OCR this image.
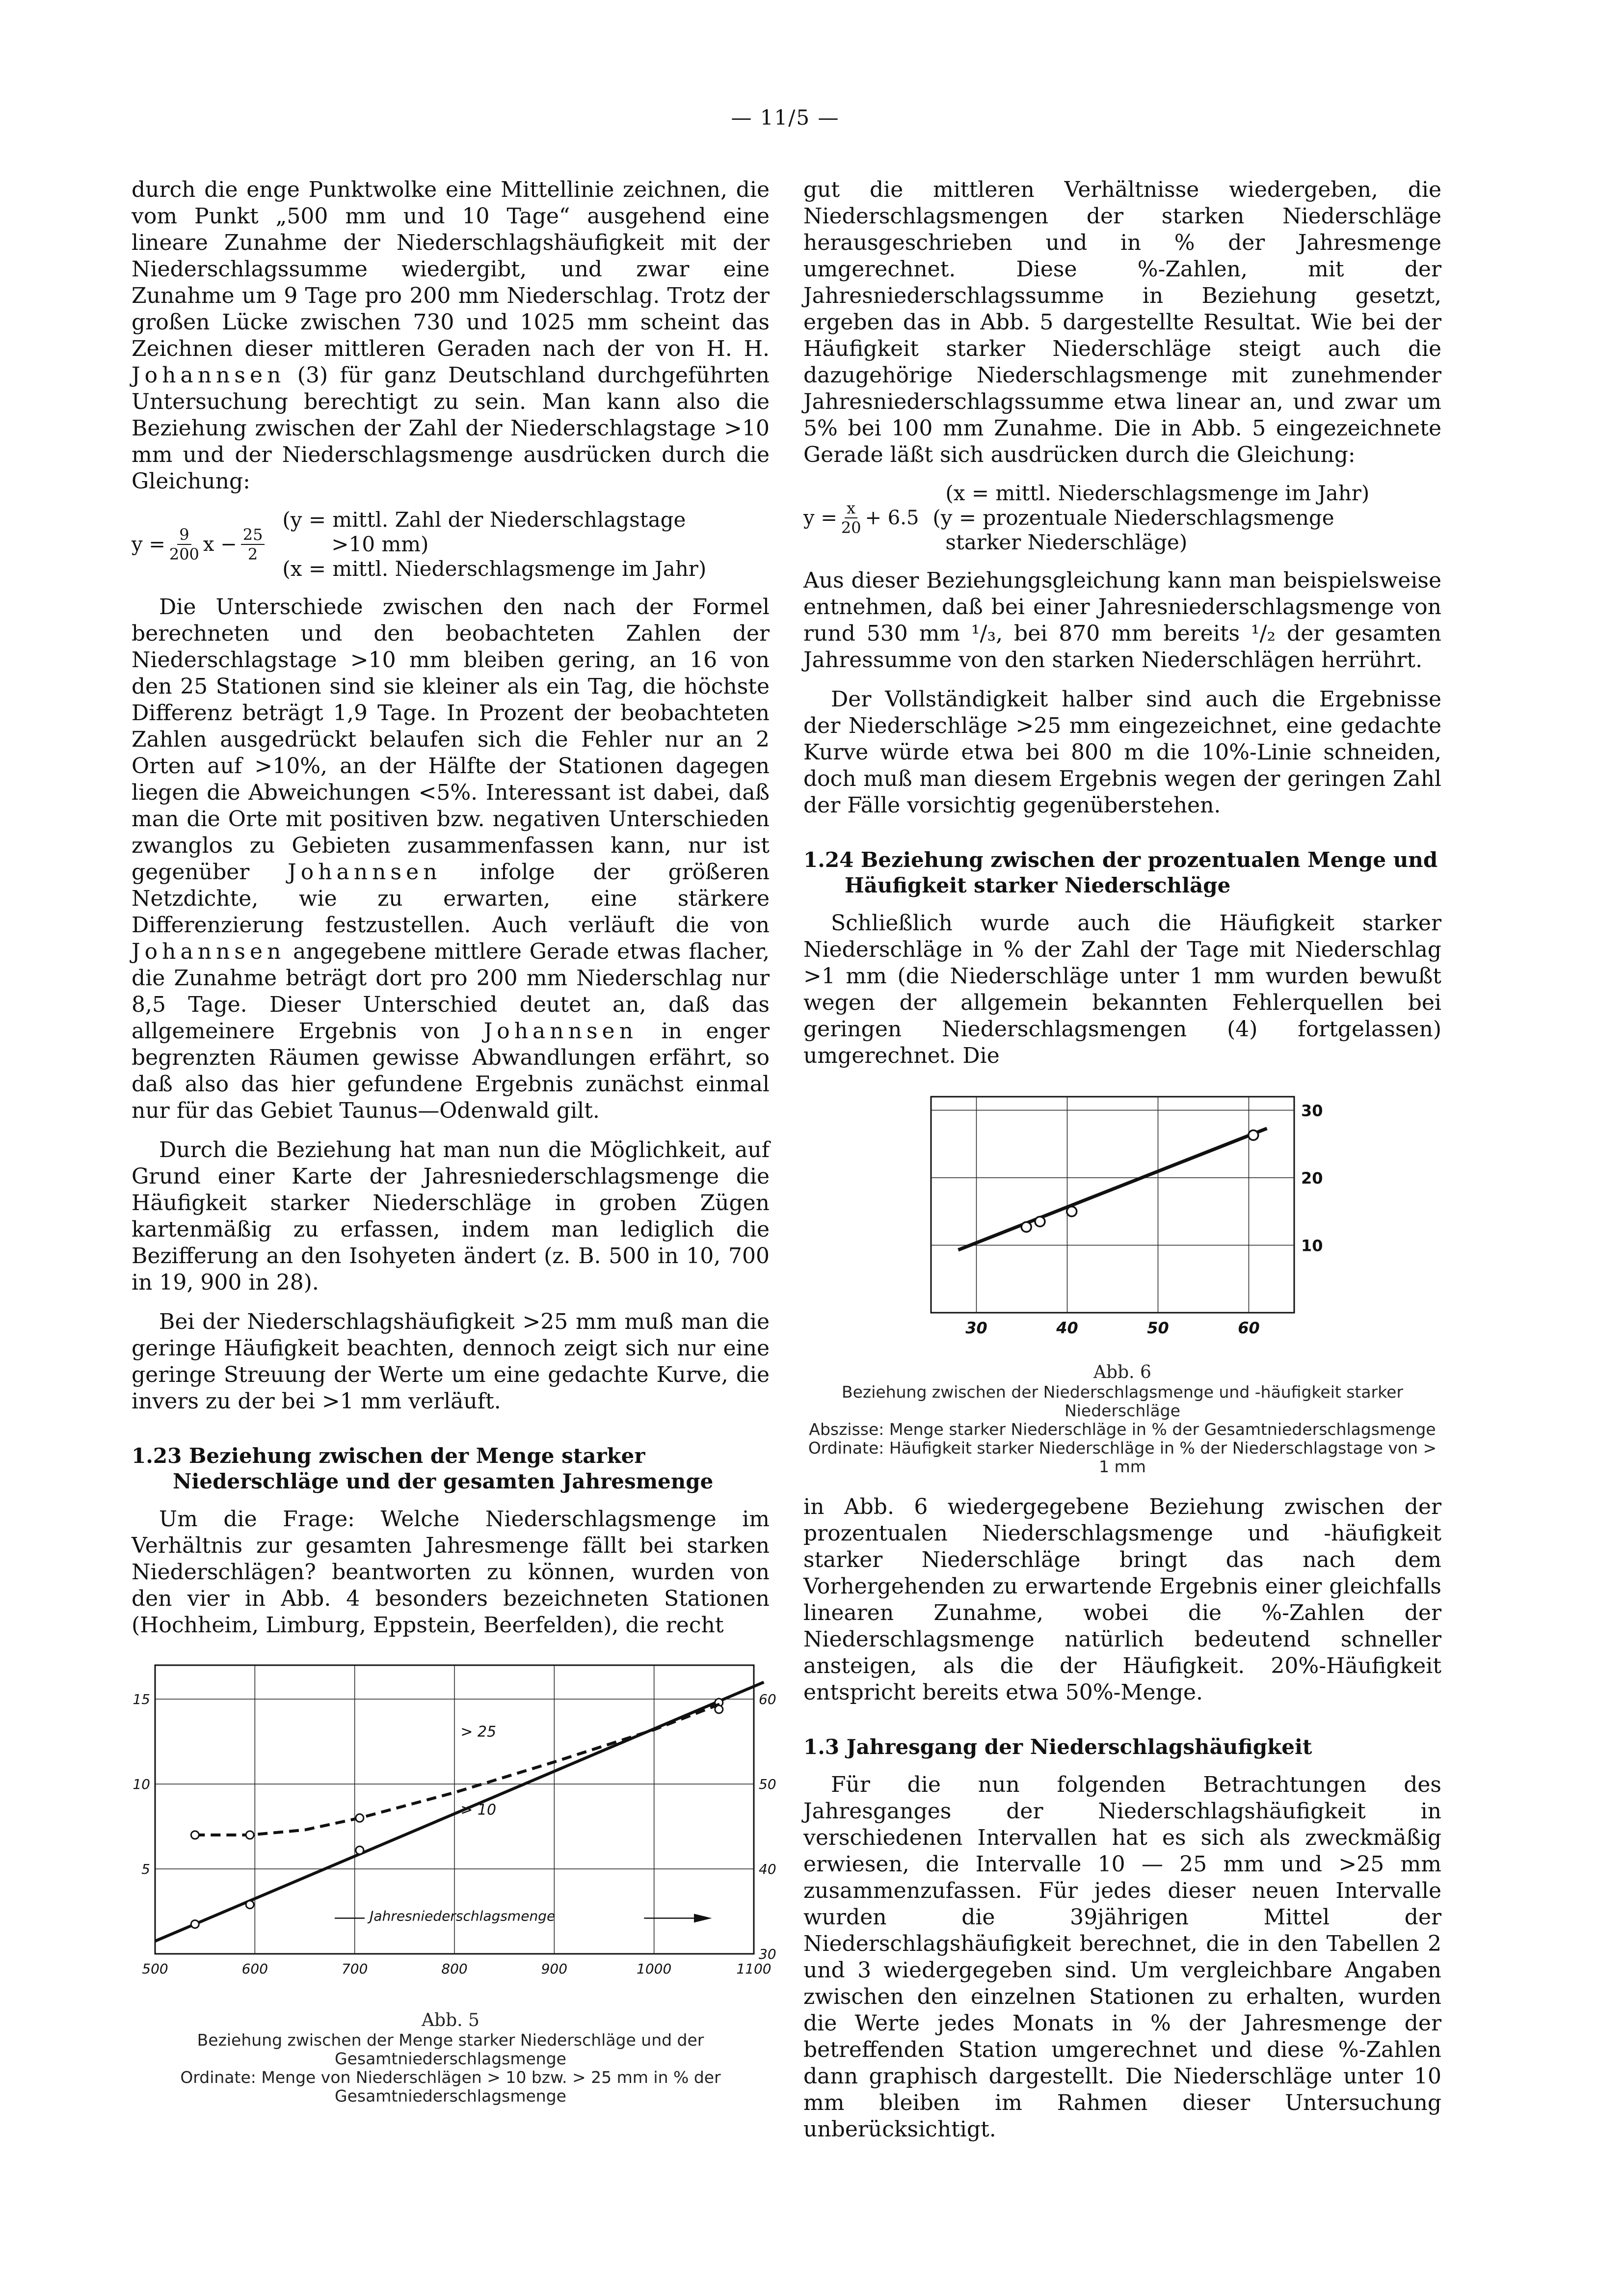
— 11/5 —

durch die enge Punktwolke eine Mittellinie zeichnen, die vom Punkt „500 mm und 10 Tage“ ausgehend eine lineare Zunahme der Niederschlagshäufigkeit mit der Niederschlagssumme wiedergibt, und zwar eine Zunahme um 9 Tage pro 200 mm Niederschlag. Trotz der großen Lücke zwischen 730 und 1025 mm scheint das Zeichnen dieser mittleren Geraden nach der von H. H. Johannsen (3) für ganz Deutschland durchgeführten Untersuchung berechtigt zu sein. Man kann also die Beziehung zwischen der Zahl der Niederschlagstage >10 mm und der Niederschlagsmenge ausdrücken durch die Gleichung:

$y = \frac{9}{200}$ $x - \frac{25}{2}$
(y = mittl. Zahl der Niederschlagstage
>10 mm)
(x = mittl. Niederschlagsmenge im Jahr)

Die Unterschiede zwischen den nach der Formel berechneten und den beobachteten Zahlen der Niederschlagstage >10 mm bleiben gering, an 16 von den 25 Stationen sind sie kleiner als ein Tag, die höchste Differenz beträgt 1,9 Tage. In Prozent der beobachteten Zahlen ausgedrückt belaufen sich die Fehler nur an 2 Orten auf >10%, an der Hälfte der Stationen dagegen liegen die Abweichungen <5%. Interessant ist dabei, daß man die Orte mit positiven bzw. negativen Unterschieden zwanglos zu Gebieten zusammenfassen kann, nur ist gegenüber Johannsen infolge der größeren Netzdichte, wie zu erwarten, eine stärkere Differenzierung festzustellen. Auch verläuft die von Johannsen angegebene mittlere Gerade etwas flacher, die Zunahme beträgt dort pro 200 mm Niederschlag nur 8,5 Tage. Dieser Unterschied deutet an, daß das allgemeinere Ergebnis von Johannsen in enger begrenzten Räumen gewisse Abwandlungen erfährt, so daß also das hier gefundene Ergebnis zunächst einmal nur für das Gebiet Taunus—Odenwald gilt.

Durch die Beziehung hat man nun die Möglichkeit, auf Grund einer Karte der Jahresniederschlagsmenge die Häufigkeit starker Niederschläge in groben Zügen kartenmäßig zu erfassen, indem man lediglich die Bezifferung an den Isohyeten ändert (z. B. 500 in 10, 700 in 19, 900 in 28).

Bei der Niederschlagshäufigkeit >25 mm muß man die geringe Häufigkeit beachten, dennoch zeigt sich nur eine geringe Streuung der Werte um eine gedachte Kurve, die invers zu der bei >1 mm verläuft.

1.23 Beziehung zwischen der Menge starker Niederschläge und der gesamten Jahresmenge

Um die Frage: Welche Niederschlagsmenge im Verhältnis zur gesamten Jahresmenge fällt bei starken Niederschlägen? beantworten zu können, wurden von den vier in Abb. 4 besonders bezeichneten Stationen (Hochheim, Limburg, Eppstein, Beerfelden), die recht

500	600	700	800	900	1000	1100
15
10
5
60
50
40
30
> 25
> 10
Jahresniederschlagsmenge
Abb. 5
Beziehung zwischen der Menge starker Niederschläge und der Gesamtniederschlagsmenge
Ordinate: Menge von Niederschlägen > 10 bzw. > 25 mm in % der Gesamtniederschlagsmenge

gut die mittleren Verhältnisse wiedergeben, die Niederschlagsmengen der starken Niederschläge herausgeschrieben und in % der Jahresmenge umgerechnet. Diese %-Zahlen, mit der Jahresniederschlagssumme in Beziehung gesetzt, ergeben das in Abb. 5 dargestellte Resultat. Wie bei der Häufigkeit starker Niederschläge steigt auch die dazugehörige Niederschlagsmenge mit zunehmender Jahresniederschlagssumme etwa linear an, und zwar um 5% bei 100 mm Zunahme. Die in Abb. 5 eingezeichnete Gerade läßt sich ausdrücken durch die Gleichung:

$y = \frac{x}{20} + 6.5$
(x = mittl. Niederschlagsmenge im Jahr)
(y = prozentuale Niederschlagsmenge
starker Niederschläge)

Aus dieser Beziehungsgleichung kann man beispielsweise entnehmen, daß bei einer Jahresniederschlagsmenge von rund 530 mm ¹/₃, bei 870 mm bereits ¹/₂ der gesamten Jahressumme von den starken Niederschlägen herrührt.

Der Vollständigkeit halber sind auch die Ergebnisse der Niederschläge >25 mm eingezeichnet, eine gedachte Kurve würde etwa bei 800 m die 10%-Linie schneiden, doch muß man diesem Ergebnis wegen der geringen Zahl der Fälle vorsichtig gegenüberstehen.

1.24 Beziehung zwischen der prozentualen Menge und Häufigkeit starker Niederschläge

Schließlich wurde auch die Häufigkeit starker Niederschläge in % der Zahl der Tage mit Niederschlag >1 mm (die Niederschläge unter 1 mm wurden bewußt wegen der allgemein bekannten Fehlerquellen bei geringen Niederschlagsmengen (4) fortgelassen) umgerechnet. Die

30	40	50	60
30
20
10
Abb. 6
Beziehung zwischen der Niederschlagsmenge und -häufigkeit starker Niederschläge
Abszisse: Menge starker Niederschläge in % der Gesamtniederschlagsmenge
Ordinate: Häufigkeit starker Niederschläge in % der Niederschlagstage von > 1 mm

in Abb. 6 wiedergegebene Beziehung zwischen der prozentualen Niederschlagsmenge und -häufigkeit starker Niederschläge bringt das nach dem Vorhergehenden zu erwartende Ergebnis einer gleichfalls linearen Zunahme, wobei die %-Zahlen der Niederschlagsmenge natürlich bedeutend schneller ansteigen, als die der Häufigkeit. 20%-Häufigkeit entspricht bereits etwa 50%-Menge.

1.3 Jahresgang der Niederschlagshäufigkeit

Für die nun folgenden Betrachtungen des Jahresganges der Niederschlagshäufigkeit in verschiedenen Intervallen hat es sich als zweckmäßig erwiesen, die Intervalle 10 — 25 mm und >25 mm zusammenzufassen. Für jedes dieser neuen Intervalle wurden die 39jährigen Mittel der Niederschlagshäufigkeit berechnet, die in den Tabellen 2 und 3 wiedergegeben sind. Um vergleichbare Angaben zwischen den einzelnen Stationen zu erhalten, wurden die Werte jedes Monats in % der Jahresmenge der betreffenden Station umgerechnet und diese %-Zahlen dann graphisch dargestellt. Die Niederschläge unter 10 mm bleiben im Rahmen dieser Untersuchung unberücksichtigt.
